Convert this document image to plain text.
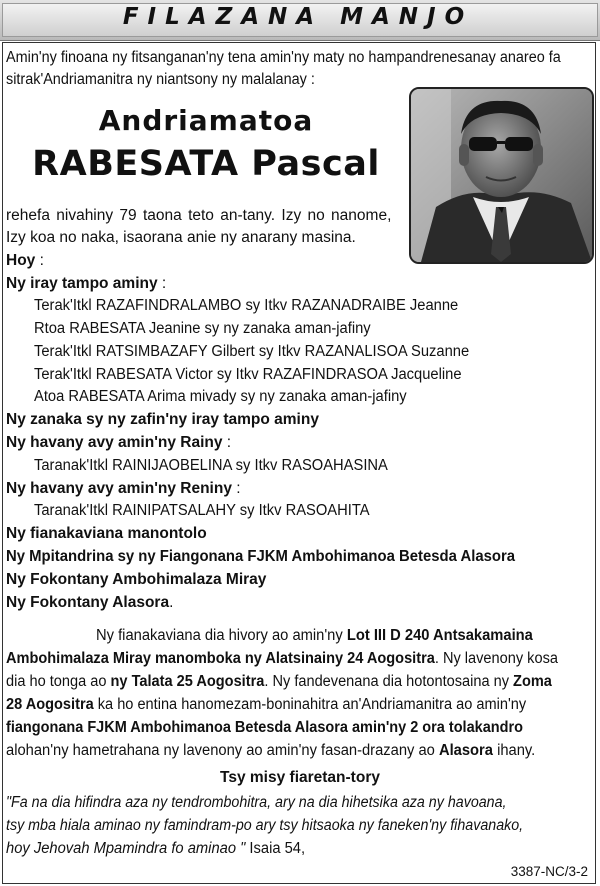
FILAZANA MANJO
Amin'ny finoana ny fitsanganan'ny tena amin'ny maty no hampandrenesanay anareo fa
sitrak'Andriamanitra ny niantsony ny malalanay :
Andriamatoa
RABESATA Pascal
rehefa nivahiny 79 taona teto an-tany. Izy no nanome,
Izy koa no naka, isaorana anie ny anarany masina.
Hoy :
Ny iray tampo aminy :
Terak'Itkl RAZAFINDRALAMBO sy Itkv RAZANADRAIBE Jeanne
Rtoa RABESATA Jeanine sy ny zanaka aman-jafiny
Terak'Itkl RATSIMBAZAFY Gilbert sy Itkv RAZANALISOA Suzanne
Terak'Itkl RABESATA Victor sy Itkv RAZAFINDRASOA Jacqueline
Atoa RABESATA Arima mivady sy ny zanaka aman-jafiny
Ny zanaka sy ny zafin'ny iray tampo aminy
Ny havany avy amin'ny Rainy :
Taranak'Itkl RAINIJAOBELINA sy Itkv RASOAHASINA
Ny havany avy amin'ny Reniny :
Taranak'Itkl RAINIPATSALAHY sy Itkv RASOAHITA
Ny fianakaviana manontolo
Ny Mpitandrina sy ny Fiangonana FJKM Ambohimanoa Betesda Alasora
Ny Fokontany Ambohimalaza Miray
Ny Fokontany Alasora.
Ny fianakaviana dia hivory ao amin'ny Lot III D 240 Antsakamaina
Ambohimalaza Miray manomboka ny Alatsinainy 24 Aogositra. Ny lavenony kosa
dia ho tonga ao ny Talata 25 Aogositra. Ny fandevenana dia hotontosaina ny Zoma
28 Aogositra ka ho entina hanomezam-boninahitra an'Andriamanitra ao amin'ny
fiangonana FJKM Ambohimanoa Betesda Alasora amin'ny 2 ora tolakandro
alohan'ny hametrahana ny lavenony ao amin'ny fasan-drazany ao Alasora ihany.
Tsy misy fiaretan-tory
"Fa na dia hifindra aza ny tendrombohitra, ary na dia hihetsika aza ny havoana,
tsy mba hiala aminao ny famindram-po ary tsy hitsaoka ny faneken'ny fihavanako,
hoy Jehovah Mpamindra fo aminao " Isaia 54,
3387-NC/3-2
